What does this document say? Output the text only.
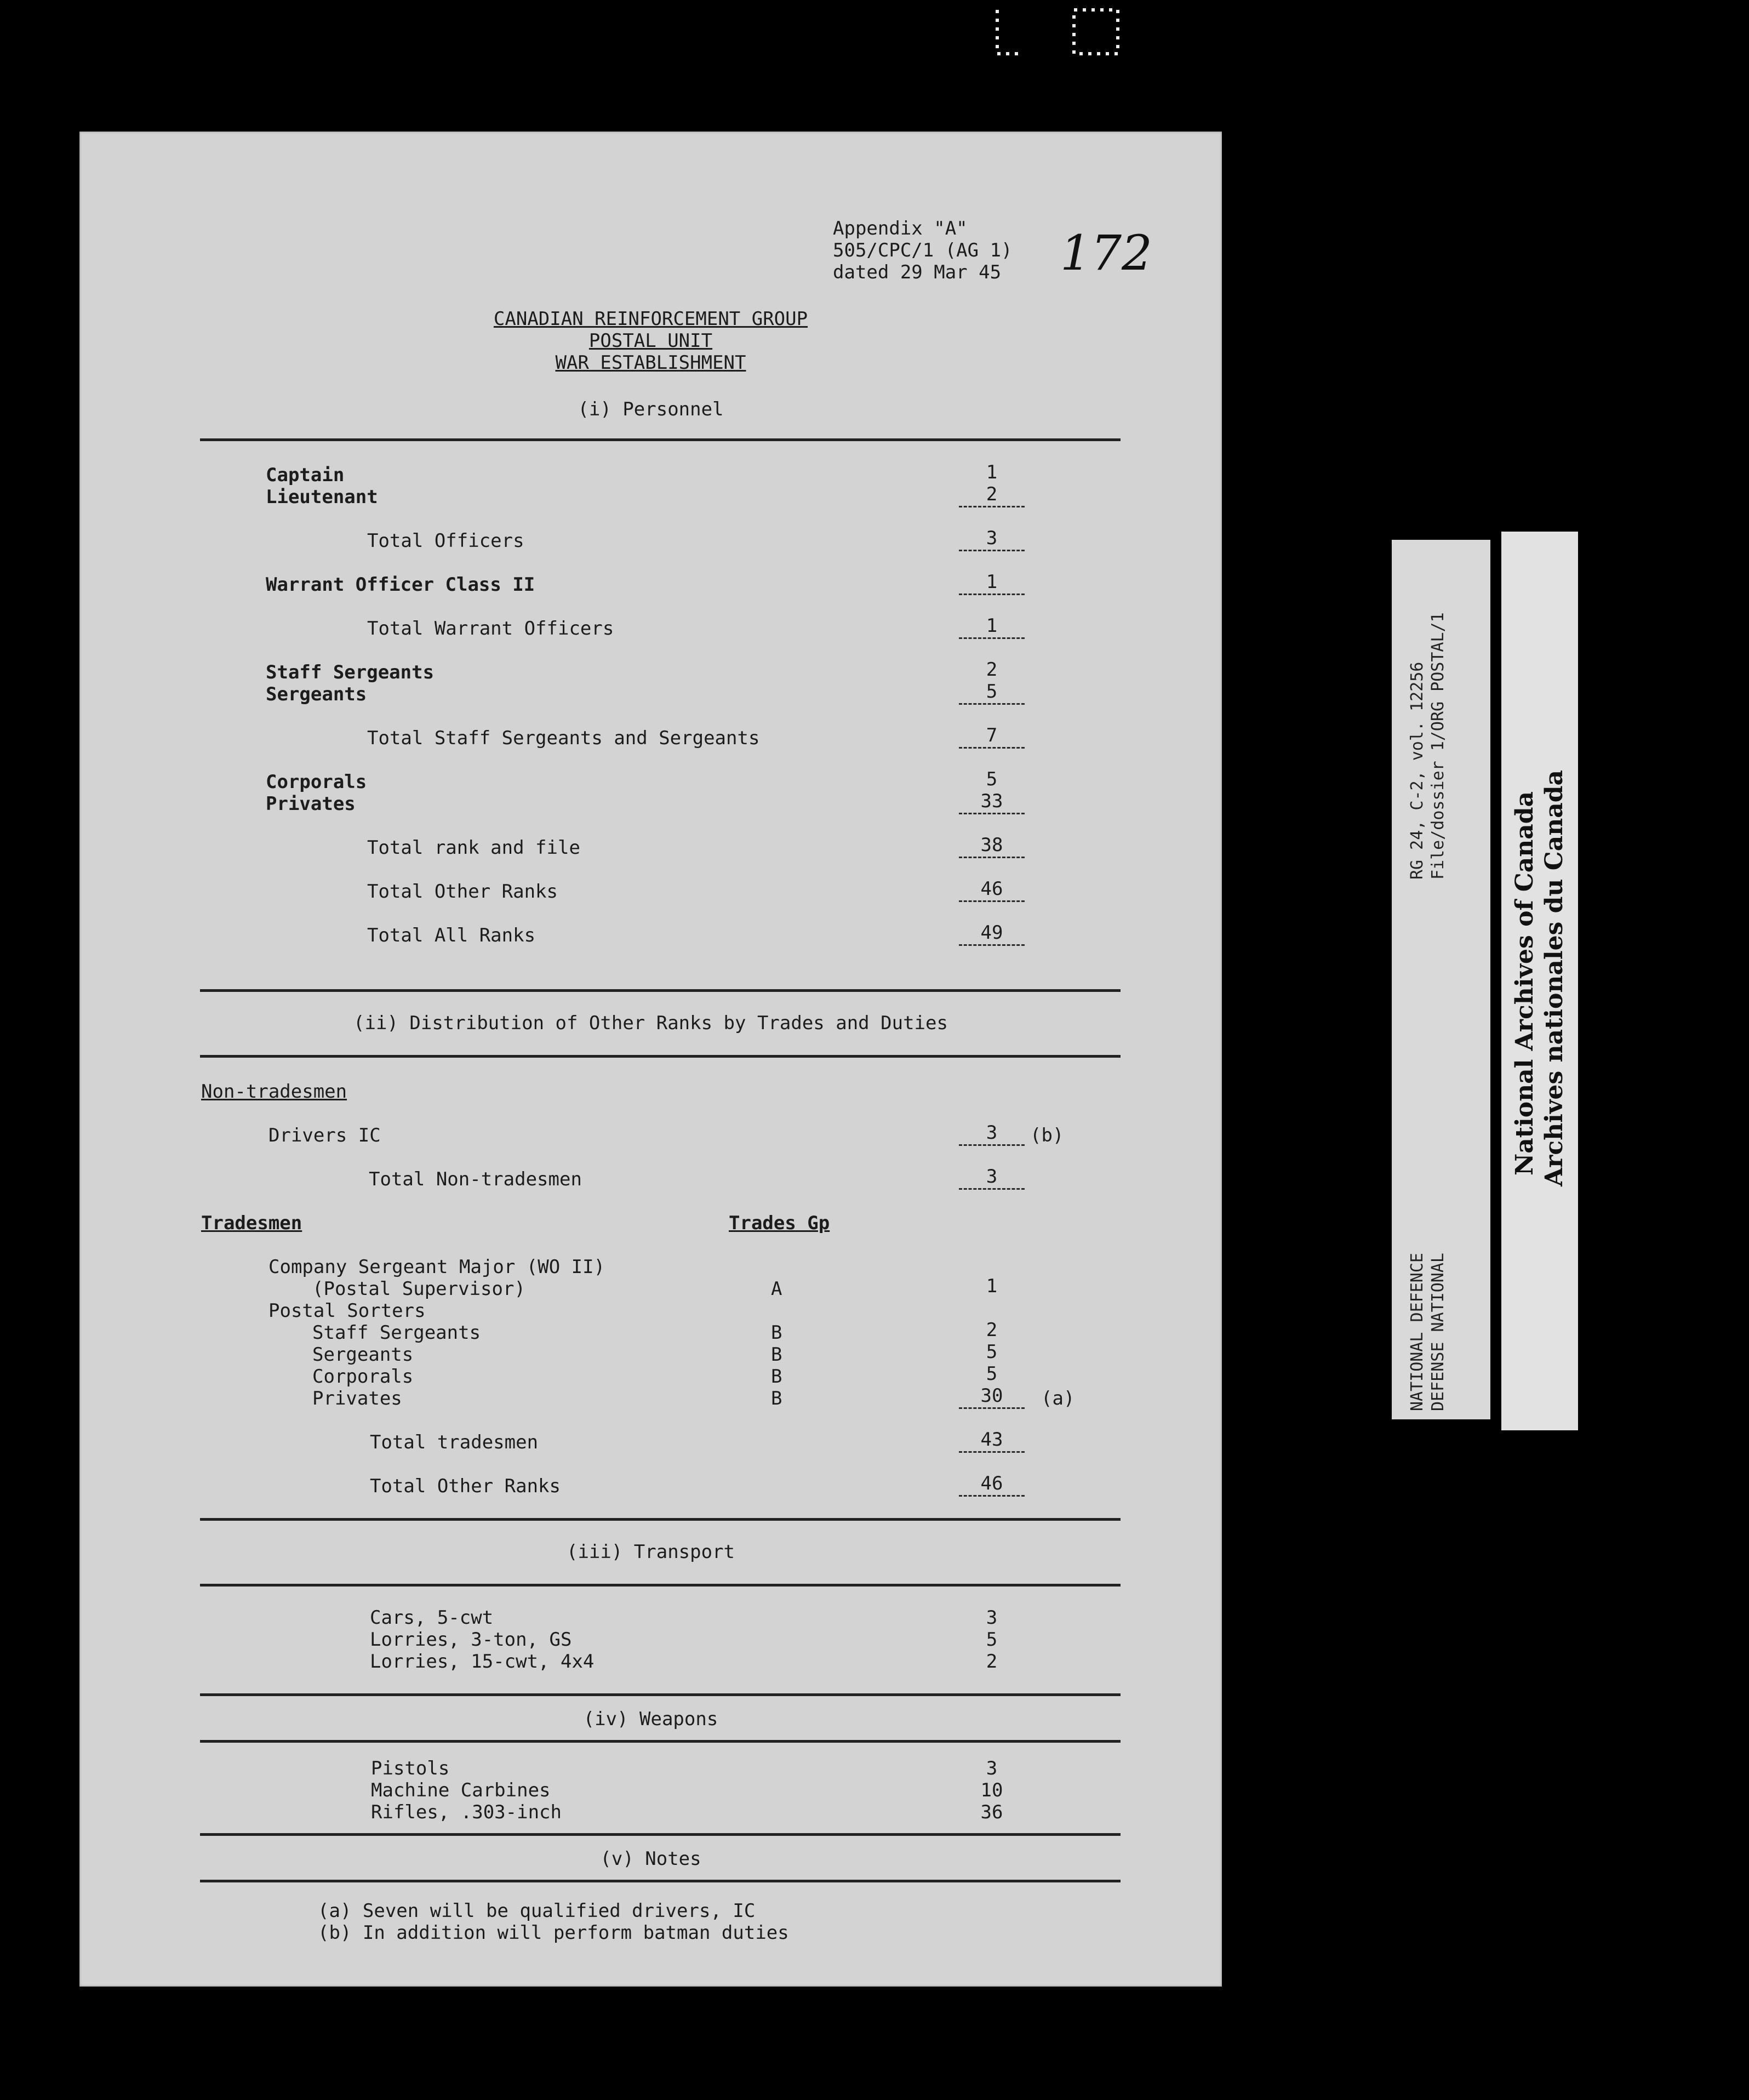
Appendix "A"
505/CPC/1 (AG 1)
dated 29 Mar 45 172
CANADIAN REINFORCEMENT GROUP
POSTAL UNIT
WAR ESTABLISHMENT
(i) Personnel
Captain	1
Lieutenant	2
Total Officers	3
Warrant Officer Class II	1
Total Warrant Officers	1
Staff Sergeants	2
Sergeants	5
Total Staff Sergeants and Sergeants	7
Corporals	5
Privates	33
Total rank and file	38
Total Other Ranks	46
Total All Ranks	49
(ii) Distribution of Other Ranks by Trades and Duties
Non-tradesmen
Drivers IC	3	(b)
Total Non-tradesmen	3
Tradesmen	Trades Gp
Company Sergeant Major (WO II)
(Postal Supervisor)	A	1
Postal Sorters
Staff Sergeants	B	2
Sergeants	B	5
Corporals	B	5
Privates	B	30	(a)
Total tradesmen	43
Total Other Ranks	46
(iii) Transport
Cars, 5-cwt	3
Lorries, 3-ton, GS	5
Lorries, 15-cwt, 4x4	2
(iv) Weapons
Pistols	3
Machine Carbines	10
Rifles, .303-inch	36
(v) Notes
(a) Seven will be qualified drivers, IC
(b) In addition will perform batman duties
RG 24, C-2, vol. 12256 File/dossier 1/ORG POSTAL/1
NATIONAL DEFENCE DEFENSE NATIONAL
National Archives of Canada Archives nationales du Canada
